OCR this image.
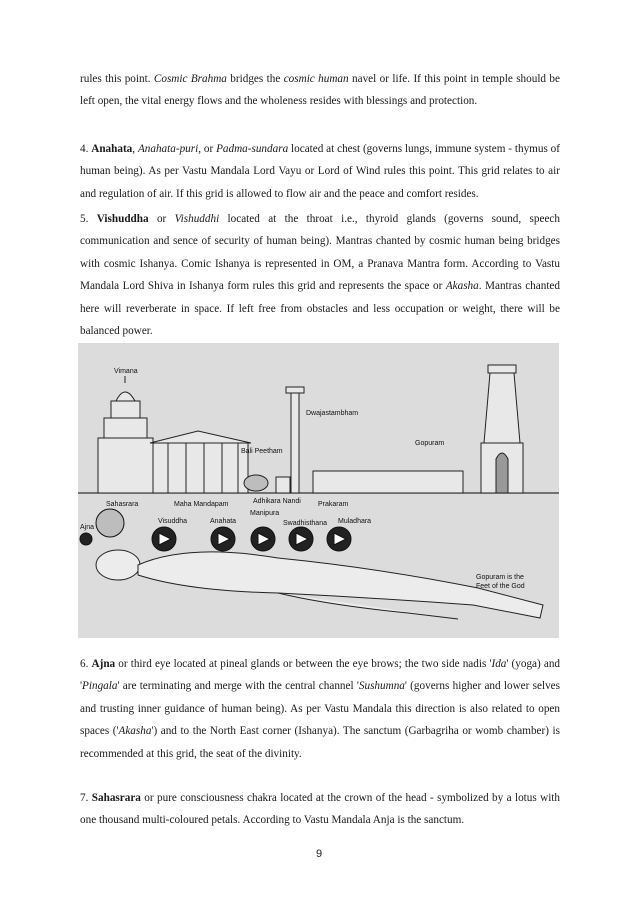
rules this point. Cosmic Brahma bridges the cosmic human navel or life. If this point in temple should be left open, the vital energy flows and the wholeness resides with blessings and protection.

4. Anahata, Anahata-puri, or Padma-sundara located at chest (governs lungs, immune system - thymus of human being). As per Vastu Mandala Lord Vayu or Lord of Wind rules this point. This grid relates to air and regulation of air. If this grid is allowed to flow air and the peace and comfort resides.

5. Vishuddha or Vishuddhi located at the throat i.e., thyroid glands (governs sound, speech communication and sence of security of human being). Mantras chanted by cosmic human being bridges with cosmic Ishanya. Comic Ishanya is represented in OM, a Pranava Mantra form. According to Vastu Mandala Lord Shiva in Ishanya form rules this grid and represents the space or Akasha. Mantras chanted here will reverberate in space. If left free from obstacles and less occupation or weight, there will be balanced power.

Vimana
Dwajastambham
Bali Peetham
Gopuram
Maha Mandapam	Adhikara Nandi Prakaram
Sahasrara
Visuddha	Anahata
Manipura
Swadhisthana Muladhara
Ajna
Gopuram is the
Feet of the God

6. Ajna or third eye located at pineal glands or between the eye brows; the two side nadis 'Ida' (yoga) and 'Pingala' are terminating and merge with the central channel 'Sushumna' (governs higher and lower selves and trusting inner guidance of human being). As per Vastu Mandala this direction is also related to open spaces ('Akasha') and to the North East corner (Ishanya). The sanctum (Garbagriha or womb chamber) is recommended at this grid, the seat of the divinity.

7. Sahasrara or pure consciousness chakra located at the crown of the head - symbolized by a lotus with one thousand multi-coloured petals. According to Vastu Mandala Anja is the sanctum.

9
